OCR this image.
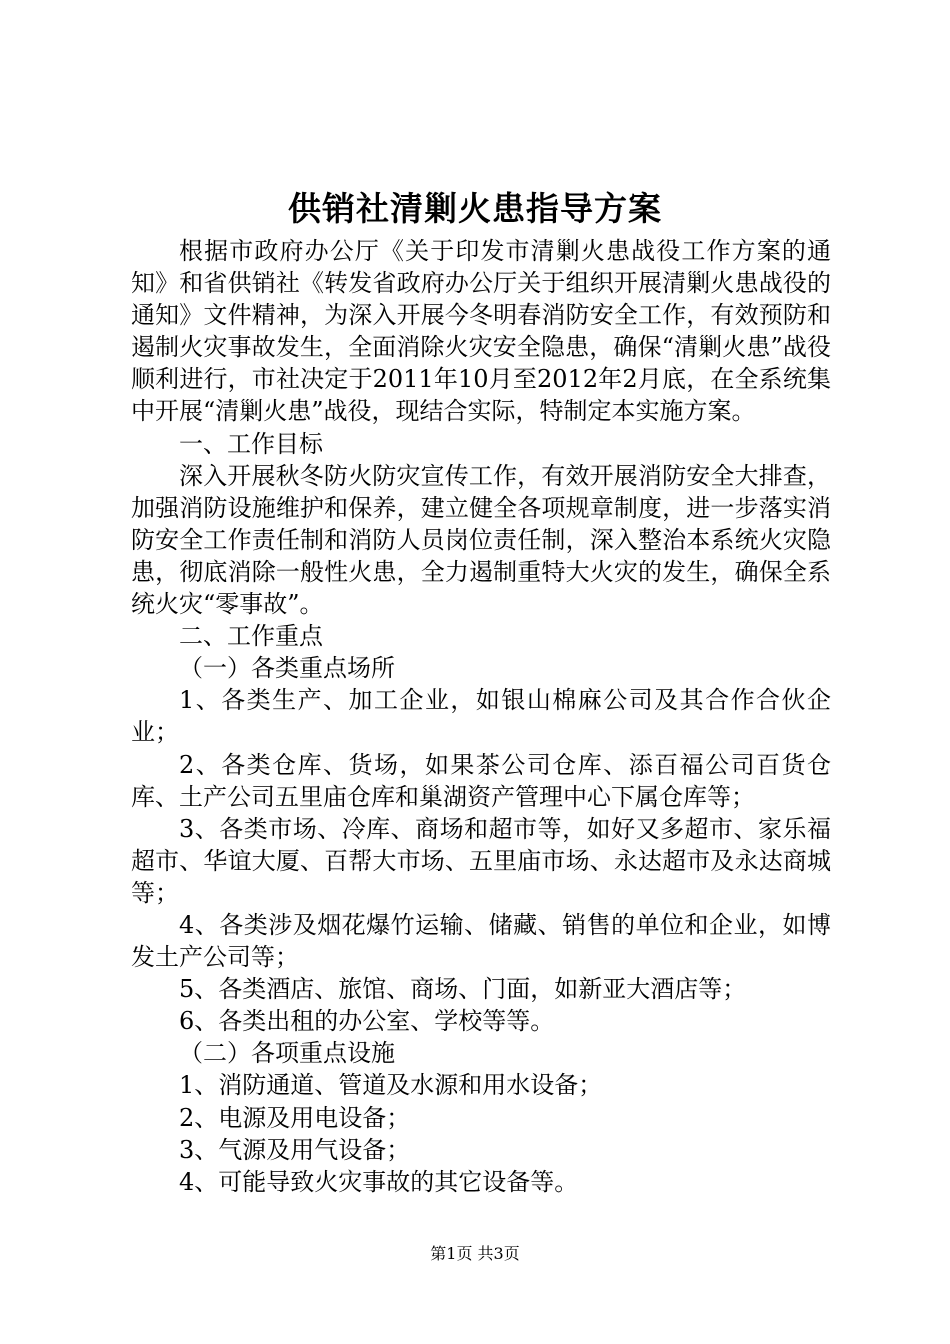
供销社清剿火患指导方案

根据市政府办公厅《关于印发市清剿火患战役工作方案的通知》和省供销社《转发省政府办公厅关于组织开展清剿火患战役的通知》文件精神，为深入开展今冬明春消防安全工作，有效预防和遏制火灾事故发生，全面消除火灾安全隐患，确保“清剿火患”战役顺利进行，市社决定于2011年10月至2012年2月底，在全系统集中开展“清剿火患”战役，现结合实际，特制定本实施方案。

一、工作目标

深入开展秋冬防火防灾宣传工作，有效开展消防安全大排查，加强消防设施维护和保养，建立健全各项规章制度，进一步落实消防安全工作责任制和消防人员岗位责任制，深入整治本系统火灾隐患，彻底消除一般性火患，全力遏制重特大火灾的发生，确保全系统火灾“零事故”。

二、工作重点

（一）各类重点场所

1、各类生产、加工企业，如银山棉麻公司及其合作合伙企业；

2、各类仓库、货场，如果茶公司仓库、添百福公司百货仓库、土产公司五里庙仓库和巢湖资产管理中心下属仓库等；

3、各类市场、冷库、商场和超市等，如好又多超市、家乐福超市、华谊大厦、百帮大市场、五里庙市场、永达超市及永达商城等；

4、各类涉及烟花爆竹运输、储藏、销售的单位和企业，如博发土产公司等；

5、各类酒店、旅馆、商场、门面，如新亚大酒店等；

6、各类出租的办公室、学校等等。

（二）各项重点设施

1、消防通道、管道及水源和用水设备；

2、电源及用电设备；

3、气源及用气设备；

4、可能导致火灾事故的其它设备等。

第1页 共3页
